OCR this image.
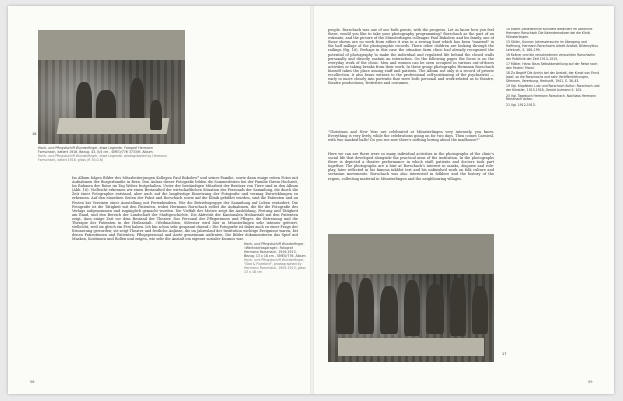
16
Hoch- und Pfingstschiff Wunderfinger, etwa Legende. Fotograf Hermann Forrschach, datiert 1916. Bezug. 43, 0/4 cm - SMEO/776 3733/H. Album
Hoch- und Pfingstschiff Wunderfinger, etwa Legende. photographed by Hermann Forrschach, dated 1916, glass (R 30,0-6)
Im Album folgen Bilder des Mitarbeiterjungen Kollegen Paul Bukolew* und seiner Familie, sowie dann einige reiten Fotos mit Aufnahmen der Burgerfamilie in Bern. Den Anlass dieser Fotografie bilden die Sommerferien bei der Familie Ihrem Hochzeit, Im Rahmen der Reise im Tag Weber festgehalten. Unter der beständigen Mitarbeit der Besitzer von Tiere sind in den Album (Abb. 16). Vielleicht erkennen wir einen Bestandteil der wirtschaftlichen Situation des Personals der Sammlung, die durch die Zeit einer Fotographie entstand, aber auch auf die langfristige Einsetzung der Fotografie und vermag Entwicklungen zu erkennen. Auf den einzelnen Seiten der Pabst und Rorschach sowie auf die Klinik gebildet wurden, sind die Patienten und an Festen bei Vereinen einer Ausstellung mit Ferienkindern. Wie die Betriebsgruppe der Sammlung auf Leben verändert: Die Fotografie ist die Tätigkeit mit den Patienten, wobei Hermann Rorschach selbst die Aufnahmen, die für die Fotografie des Verlags aufgenommen und zugänglich gemacht wurden. Die Vielfalt der Motive zeigt die Ausbildung, Festung und Tätigkeit am Rand, und den Bereich der Landschaft der Stadtgeschichte. Die Aktivität der Kantonalen Heilanstalt mit den Patienten zeigt, dass einige Zeit vor dem Bestand der Theater. Das Personal der Pflegerinnen und Pfleger, die Betreuung und die Therapie der Patienten in der Heilanstalt. «Weihnachten, Silvester wird hier in Münsterlingen sehr intensiv gefeiert, vielleicht, weil sie gleich ein Fest haben. Ich bin schon sehr gespannt darauf.» Die Fotografie ist dabei auch zu einer Frage der Erinnerung geworden; sie zeigt Theater und festliche Anlässe, die im Jahreslauf der Institution wichtige Ereignisse waren, bei denen Patientinnen und Patienten, Pflegepersonal und Ärzte gemeinsam auftraten. Die Bilder dokumentieren das Spiel mit Masken, Kostümen und Rollen und zeigen, wie sehr die Anstalt ein eigener sozialer Kosmos war.
58
people. Rorschach was one of our both points, with the progress. Let us know how you feel these, would you like to take your photography programming? Rorschach as the part of an estimate, and the picture of the Münsterlingen colleague Paul Bukolew, and his family, one of those shown are no work from either it was in a rowing boat which has been "married" in the half millage of the photographic records. There other children are looking through the railings (fig. 16). Perhaps in this case the situation farm clinic had already recognised the potential of photography to make the individual and regulated life behind the closed walls personally and directly sustain an interaction. On the following pages the focus is on the everyday work of the clinic. Men and women can be seen occupied in various out-of-doors activities or taking breaks from their work. In these group photographs Hermann Rorschach himself takes the place among staff and patients. The Album not only is a record of private recollection, it also bears witness to the professional self-positioning of the psychiatrist — early to move closely into portraits that were both personal and work-related as to theatre, theatre productions, festivities and costumes.
"Christmas and New Year are celebrated at Münsterlingen very intensely, you know. Everything is very lively, while the celebrations going on for two days. Then comes Carnival, with two masked balls! Do you see now there's nothing boring about the madhouse?"
Here we can see there were so many individual activities in the photographs of the clinic's social life that developed alongside the practical aims of the institution. In the photographs there is depicted a theatre performance in which staff, patients and doctors took part together. The photographs are a hint at Rorschach's interest in masks, disguise and role-play, later reflected in his famous inkblot test and his unfinished work on folk culture and sectarian movements. Rorschach was also interested in folklore and the history of the region, collecting material in Münsterlingen and the neighbouring villages.

14 Möller Zettelarchive schildert detailliert im Abschnitt Hermann Rorschach Die Kalendernotizen bei die Klinik Münsterlingen.

15 Stiller, Gunnar: Jahresversuche im Übergang und Hoffnung, Hermann Rorschachs Arbeit Anstalt, Bilderzyklus. Lehrbuch, S. 186–199.

16 Kellner und die verschiedenen versuchten Rorschachs der Poliklinik der Zeit 1913–1915.

17 Möller, Hans: Bezo Selbstdarstellung auf der Reise nach den Festen: Moral.

18 Zu Begriff Die Archiv bei der Anstalt, der Kunst von Ernst Josef, so die Rorschachs und sehr Veröffentlichungen, Stimmen, Vererbung, Herkunft, 1941, S. 36–43.

19 Vgl. Klopfstein Lutz und Rorschach Kultur: Rorschach und der Künstler, 1913-1918, Gerold Aulmann S. 102.

20 Vgl. Tagebuch Hermann Rorschach, Nachlass Hermann Rorschach Anton.

21 Vgl. 1912-1913.

Hoch- und Pfingstschiff Wunderfinger, «Weihnachtsgarage». Fotograf Hermann Rorschach, 1916-1913. Bezug. 13 x 18 cm - SMEO/776. Album
Hoch- und Pfingstschiff Wunderfinger, "Dad & Flutebird", photographed by Hermann Rorschach, 1909-1913, glass 13 x 18 cm
17
59
